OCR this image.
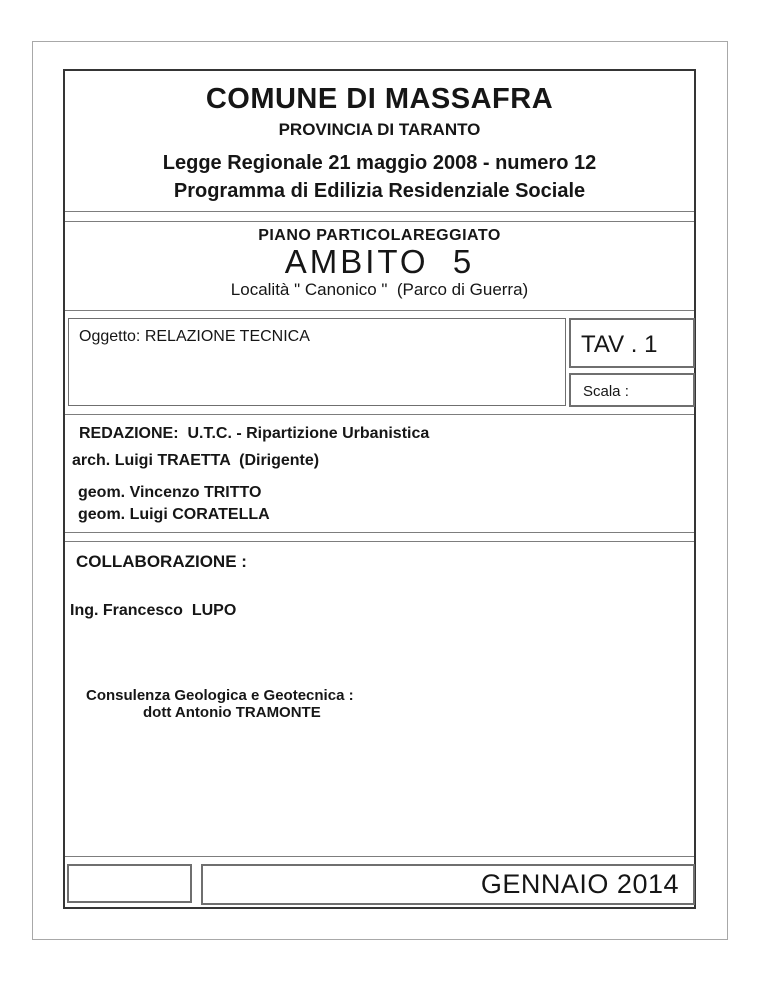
COMUNE DI MASSAFRA
PROVINCIA DI TARANTO
Legge Regionale 21 maggio 2008 - numero 12
Programma di Edilizia Residenziale Sociale
PIANO PARTICOLAREGGIATO
AMBITO  5
Località " Canonico "  (Parco di Guerra)
Oggetto: RELAZIONE TECNICA	TAV . 1
Scala :
REDAZIONE:  U.T.C. - Ripartizione Urbanistica
arch. Luigi TRAETTA  (Dirigente)
geom. Vincenzo TRITTO
geom. Luigi CORATELLA
COLLABORAZIONE :
Ing. Francesco  LUPO
Consulenza Geologica e Geotecnica :
dott Antonio TRAMONTE
GENNAIO 2014
